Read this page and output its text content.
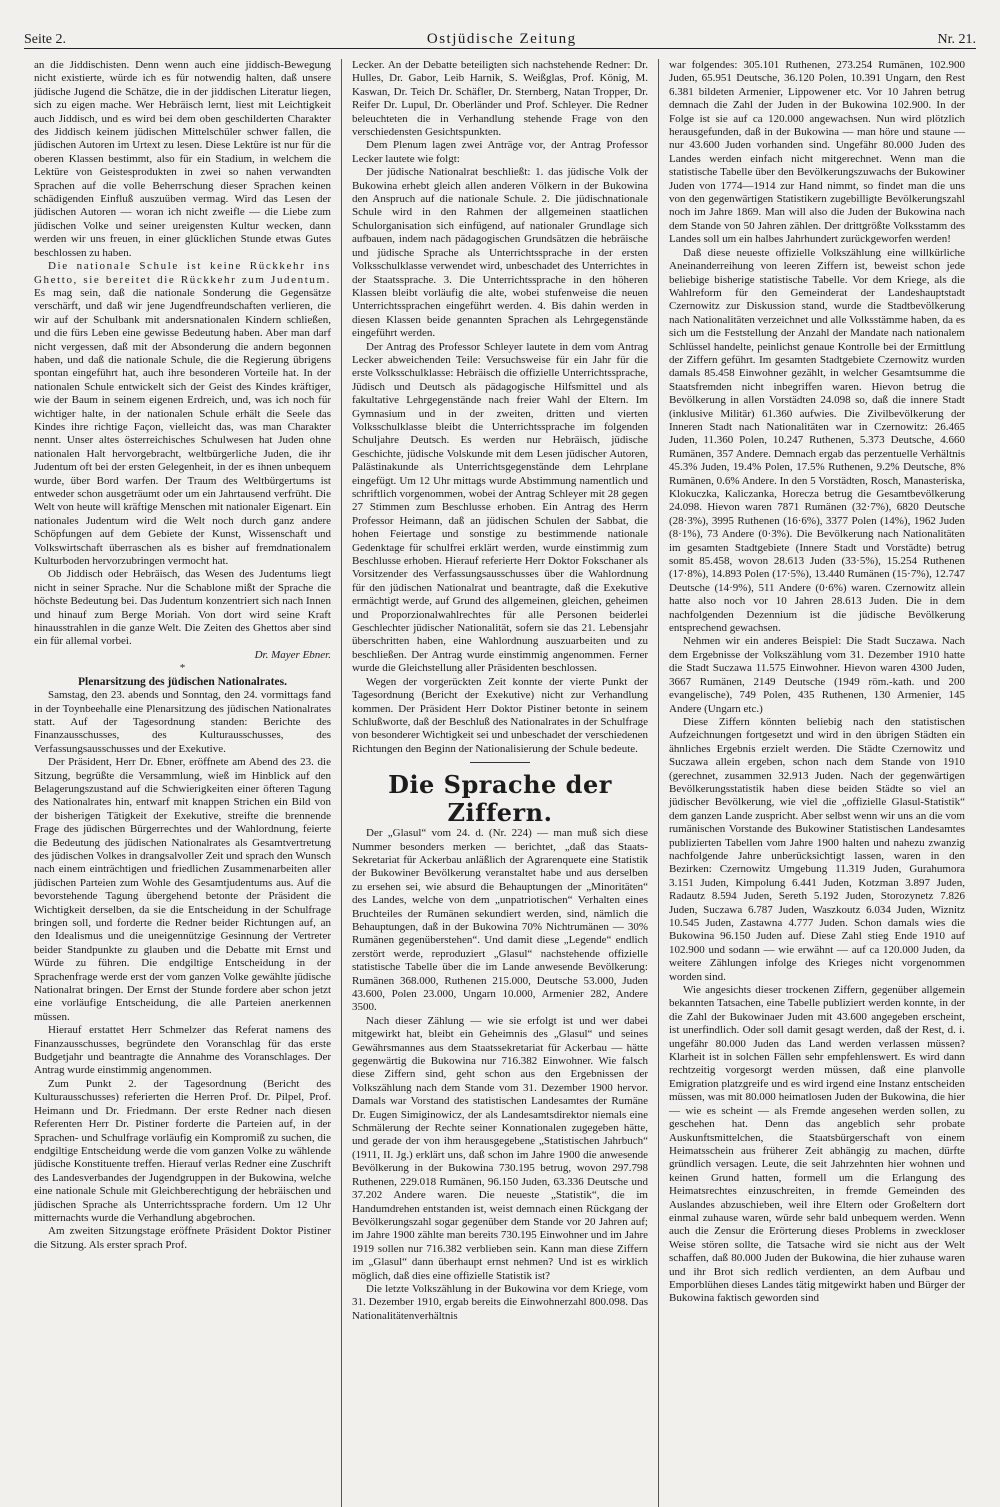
Seite 2.	Ostjüdische Zeitung	Nr. 21.

an die Jiddischisten. Denn wenn auch eine jiddisch-Bewegung nicht existierte, würde ich es für notwendig halten, daß unsere jüdische Jugend die Schätze, die in der jiddischen Literatur liegen, sich zu eigen mache. Wer Hebräisch lernt, liest mit Leichtigkeit auch Jiddisch, und es wird bei dem oben geschilderten Charakter des Jiddisch keinem jüdischen Mittelschüler schwer fallen, die jüdischen Autoren im Urtext zu lesen. Diese Lektüre ist nur für die oberen Klassen bestimmt, also für ein Stadium, in welchem die Lektüre von Geistesprodukten in zwei so nahen verwandten Sprachen auf die volle Beherrschung dieser Sprachen keinen schädigenden Einfluß auszuüben vermag. Wird das Lesen der jüdischen Autoren — woran ich nicht zweifle — die Liebe zum jüdischen Volke und seiner ureigensten Kultur wecken, dann werden wir uns freuen, in einer glücklichen Stunde etwas Gutes beschlossen zu haben.

Die nationale Schule ist keine Rückkehr ins Ghetto, sie bereitet die Rückkehr zum Judentum. Es mag sein, daß die nationale Sonderung die Gegensätze verschärft, und daß wir jene Jugendfreundschaften verlieren, die wir auf der Schulbank mit andersnationalen Kindern schließen, und die fürs Leben eine gewisse Bedeutung haben. Aber man darf nicht vergessen, daß mit der Absonderung die andern begonnen haben, und daß die nationale Schule, die die Regierung übrigens spontan eingeführt hat, auch ihre besonderen Vorteile hat. In der nationalen Schule entwickelt sich der Geist des Kindes kräftiger, wie der Baum in seinem eigenen Erdreich, und, was ich noch für wichtiger halte, in der nationalen Schule erhält die Seele das Kindes ihre richtige Façon, vielleicht das, was man Charakter nennt. Unser altes österreichisches Schulwesen hat Juden ohne nationalen Halt hervorgebracht, weltbürgerliche Juden, die ihr Judentum oft bei der ersten Gelegenheit, in der es ihnen unbequem wurde, über Bord warfen. Der Traum des Weltbürgertums ist entweder schon ausgeträumt oder um ein Jahrtausend verfrüht. Die Welt von heute will kräftige Menschen mit nationaler Eigenart. Ein nationales Judentum wird die Welt noch durch ganz andere Schöpfungen auf dem Gebiete der Kunst, Wissenschaft und Volkswirtschaft überraschen als es bisher auf fremdnationalem Kulturboden hervorzubringen vermocht hat.

Ob Jiddisch oder Hebräisch, das Wesen des Judentums liegt nicht in seiner Sprache. Nur die Schablone mißt der Sprache die höchste Bedeutung bei. Das Judentum konzentriert sich nach Innen und hinauf zum Berge Moriah. Von dort wird seine Kraft hinausstrahlen in die ganze Welt. Die Zeiten des Ghettos aber sind ein für allemal vorbei.

Dr. Mayer Ebner.

*

Plenarsitzung des jüdischen Nationalrates.

Samstag, den 23. abends und Sonntag, den 24. vormittags fand in der Toynbeehalle eine Plenarsitzung des jüdischen Nationalrates statt. Auf der Tagesordnung standen: Berichte des Finanzausschusses, des Kulturausschusses, des Verfassungsausschusses und der Exekutive.

Der Präsident, Herr Dr. Ebner, eröffnete am Abend des 23. die Sitzung, begrüßte die Versammlung, wieß im Hinblick auf den Belagerungszustand auf die Schwierigkeiten einer öfteren Tagung des Nationalrates hin, entwarf mit knappen Strichen ein Bild von der bisherigen Tätigkeit der Exekutive, streifte die brennende Frage des jüdischen Bürgerrechtes und der Wahlordnung, feierte die Bedeutung des jüdischen Nationalrates als Gesamtvertretung des jüdischen Volkes in drangsalvoller Zeit und sprach den Wunsch nach einem einträchtigen und friedlichen Zusammenarbeiten aller jüdischen Parteien zum Wohle des Gesamtjudentums aus. Auf die bevorstehende Tagung übergehend betonte der Präsident die Wichtigkeit derselben, da sie die Entscheidung in der Schulfrage bringen soll, und forderte die Redner beider Richtungen auf, an den Idealismus und die uneigennützige Gesinnung der Vertreter beider Standpunkte zu glauben und die Debatte mit Ernst und Würde zu führen. Die endgiltige Entscheidung in der Sprachenfrage werde erst der vom ganzen Volke gewählte jüdische Nationalrat bringen. Der Ernst der Stunde fordere aber schon jetzt eine vorläufige Entscheidung, die alle Parteien anerkennen müssen.

Hierauf erstattet Herr Schmelzer das Referat namens des Finanzausschusses, begründete den Voranschlag für das erste Budgetjahr und beantragte die Annahme des Voranschlages. Der Antrag wurde einstimmig angenommen.

Zum Punkt 2. der Tagesordnung (Bericht des Kulturausschusses) referierten die Herren Prof. Dr. Pilpel, Prof. Heimann und Dr. Friedmann. Der erste Redner nach diesen Referenten Herr Dr. Pistiner forderte die Parteien auf, in der Sprachen- und Schulfrage vorläufig ein Kompromiß zu suchen, die endgiltige Entscheidung werde die vom ganzen Volke zu wählende jüdische Konstituente treffen. Hierauf verlas Redner eine Zuschrift des Landesverbandes der Jugendgruppen in der Bukowina, welche eine nationale Schule mit Gleichberechtigung der hebräischen und jüdischen Sprache als Unterrichtssprache fordern. Um 12 Uhr mitternachts wurde die Verhandlung abgebrochen.

Am zweiten Sitzungstage eröffnete Präsident Doktor Pistiner die Sitzung. Als erster sprach Prof.

Lecker. An der Debatte beteiligten sich nachstehende Redner: Dr. Hulles, Dr. Gabor, Leib Harnik, S. Weißglas, Prof. König, M. Kaswan, Dr. Teich Dr. Schäfler, Dr. Sternberg, Natan Tropper, Dr. Reifer Dr. Lupul, Dr. Oberländer und Prof. Schleyer. Die Redner beleuchteten die in Verhandlung stehende Frage von den verschiedensten Gesichtspunkten.

Dem Plenum lagen zwei Anträge vor, der Antrag Professor Lecker lautete wie folgt:

Der jüdische Nationalrat beschließt: 1. das jüdische Volk der Bukowina erhebt gleich allen anderen Völkern in der Bukowina den Anspruch auf die nationale Schule. 2. Die jüdischnationale Schule wird in den Rahmen der allgemeinen staatlichen Schulorganisation sich einfügend, auf nationaler Grundlage sich aufbauen, indem nach pädagogischen Grundsätzen die hebräische und jüdische Sprache als Unterrichtssprache in der ersten Volksschulklasse verwendet wird, unbeschadet des Unterrichtes in der Staatssprache. 3. Die Unterrichtssprache in den höheren Klassen bleibt vorläufig die alte, wobei stufenweise die neuen Unterrichtssprachen eingeführt werden. 4. Bis dahin werden in diesen Klassen beide genannten Sprachen als Lehrgegenstände eingeführt werden.

Der Antrag des Professor Schleyer lautete in dem vom Antrag Lecker abweichenden Teile: Versuchsweise für ein Jahr für die erste Volksschulklasse: Hebräisch die offizielle Unterrichtssprache, Jüdisch und Deutsch als pädagogische Hilfsmittel und als fakultative Lehrgegenstände nach freier Wahl der Eltern. Im Gymnasium und in der zweiten, dritten und vierten Volksschulklasse bleibt die Unterrichtssprache im folgenden Schuljahre Deutsch. Es werden nur Hebräisch, jüdische Geschichte, jüdische Volskunde mit dem Lesen jüdischer Autoren, Palästinakunde als Unterrichtsgegenstände dem Lehrplane eingefügt. Um 12 Uhr mittags wurde Abstimmung namentlich und schriftlich vorgenommen, wobei der Antrag Schleyer mit 28 gegen 27 Stimmen zum Beschlusse erhoben. Ein Antrag des Herrn Professor Heimann, daß an jüdischen Schulen der Sabbat, die hohen Feiertage und sonstige zu bestimmende nationale Gedenktage für schulfrei erklärt werden, wurde einstimmig zum Beschlusse erhoben. Hierauf referierte Herr Doktor Fokschaner als Vorsitzender des Verfassungsausschusses über die Wahlordnung für den jüdischen Nationalrat und beantragte, daß die Exekutive ermächtigt werde, auf Grund des allgemeinen, gleichen, geheimen und Proporzionalwahlrechtes für alle Personen beiderlei Geschlechter jüdischer Nationalität, sofern sie das 21. Lebensjahr überschritten haben, eine Wahlordnung auszuarbeiten und zu beschließen. Der Antrag wurde einstimmig angenommen. Ferner wurde die Gleichstellung aller Präsidenten beschlossen.

Wegen der vorgerückten Zeit konnte der vierte Punkt der Tagesordnung (Bericht der Exekutive) nicht zur Verhandlung kommen. Der Präsident Herr Doktor Pistiner betonte in seinem Schlußworte, daß der Beschluß des Nationalrates in der Schulfrage von besonderer Wichtigkeit sei und unbeschadet der verschiedenen Richtungen den Beginn der Nationalisierung der Schule bedeute.

Die Sprache der Ziffern.

Der „Glasul“ vom 24. d. (Nr. 224) — man muß sich diese Nummer besonders merken — berichtet, „daß das Staats-Sekretariat für Ackerbau anläßlich der Agrarenquete eine Statistik der Bukowiner Bevölkerung veranstaltet habe und aus derselben zu ersehen sei, wie absurd die Behauptungen der „Minoritäten“ des Landes, welche von dem „unpatriotischen“ Verhalten eines Bruchteiles der Rumänen sekundiert werden, sind, nämlich die Behauptungen, daß in der Bukowina 70% Nichtrumänen — 30% Rumänen gegenüberstehen“. Und damit diese „Legende“ endlich zerstört werde, reproduziert „Glasul“ nachstehende offizielle statistische Tabelle über die im Lande anwesende Bevölkerung: Rumänen 368.000, Ruthenen 215.000, Deutsche 53.000, Juden 43.600, Polen 23.000, Ungarn 10.000, Armenier 282, Andere 3500.

Nach dieser Zählung — wie sie erfolgt ist und wer dabei mitgewirkt hat, bleibt ein Geheimnis des „Glasul“ und seines Gewährsmannes aus dem Staatssekretariat für Ackerbau — hätte gegenwärtig die Bukowina nur 716.382 Einwohner. Wie falsch diese Ziffern sind, geht schon aus den Ergebnissen der Volkszählung nach dem Stande vom 31. Dezember 1900 hervor. Damals war Vorstand des statistischen Landesamtes der Rumäne Dr. Eugen Simiginowicz, der als Landesamtsdirektor niemals eine Schmälerung der Rechte seiner Konnationalen zugegeben hätte, und gerade der von ihm herausgegebene „Statistischen Jahrbuch“ (1911, II. Jg.) erklärt uns, daß schon im Jahre 1900 die anwesende Bevölkerung in der Bukowina 730.195 betrug, wovon 297.798 Ruthenen, 229.018 Rumänen, 96.150 Juden, 63.336 Deutsche und 37.202 Andere waren. Die neueste „Statistik“, die im Handumdrehen entstanden ist, weist demnach einen Rückgang der Bevölkerungszahl sogar gegenüber dem Stande vor 20 Jahren auf; im Jahre 1900 zählte man bereits 730.195 Einwohner und im Jahre 1919 sollen nur 716.382 verblieben sein. Kann man diese Ziffern im „Glasul“ dann überhaupt ernst nehmen? Und ist es wirklich möglich, daß dies eine offizielle Statistik ist?

Die letzte Volkszählung in der Bukowina vor dem Kriege, vom 31. Dezember 1910, ergab bereits die Einwohnerzahl 800.098. Das Nationalitätenverhältnis

war folgendes: 305.101 Ruthenen, 273.254 Rumänen, 102.900 Juden, 65.951 Deutsche, 36.120 Polen, 10.391 Ungarn, den Rest 6.381 bildeten Armenier, Lippowener etc. Vor 10 Jahren betrug demnach die Zahl der Juden in der Bukowina 102.900. In der Folge ist sie auf ca 120.000 angewachsen. Nun wird plötzlich herausgefunden, daß in der Bukowina — man höre und staune — nur 43.600 Juden vorhanden sind. Ungefähr 80.000 Juden des Landes werden einfach nicht mitgerechnet. Wenn man die statistische Tabelle über den Bevölkerungszuwachs der Bukowiner Juden von 1774—1914 zur Hand nimmt, so findet man die uns von den gegenwärtigen Statistikern zugebilligte Bevölkerungszahl noch im Jahre 1869. Man will also die Juden der Bukowina nach dem Stande von 50 Jahren zählen. Der drittgrößte Volksstamm des Landes soll um ein halbes Jahrhundert zurückgeworfen werden!

Daß diese neueste offizielle Volkszählung eine willkürliche Aneinanderreihung von leeren Ziffern ist, beweist schon jede beliebige bisherige statistische Tabelle. Vor dem Kriege, als die Wahlreform für den Gemeinderat der Landeshauptstadt Czernowitz zur Diskussion stand, wurde die Stadtbevölkerung nach Nationalitäten verzeichnet und alle Volksstämme haben, da es sich um die Feststellung der Anzahl der Mandate nach nationalem Schlüssel handelte, peinlichst genaue Kontrolle bei der Ermittlung der Ziffern geführt. Im gesamten Stadtgebiete Czernowitz wurden damals 85.458 Einwohner gezählt, in welcher Gesamtsumme die Staatsfremden nicht inbegriffen waren. Hievon betrug die Bevölkerung in allen Vorstädten 24.098 so, daß die innere Stadt (inklusive Militär) 61.360 aufwies. Die Zivilbevölkerung der Inneren Stadt nach Nationalitäten war in Czernowitz: 26.465 Juden, 11.360 Polen, 10.247 Ruthenen, 5.373 Deutsche, 4.660 Rumänen, 357 Andere. Demnach ergab das perzentuelle Verhältnis 45.3% Juden, 19.4% Polen, 17.5% Ruthenen, 9.2% Deutsche, 8% Rumänen, 0.6% Andere. In den 5 Vorstädten, Rosch, Manasteriska, Klokuczka, Kaliczanka, Horecza betrug die Gesamtbevölkerung 24.098. Hievon waren 7871 Rumänen (32·7%), 6820 Deutsche (28·3%), 3995 Ruthenen (16·6%), 3377 Polen (14%), 1962 Juden (8·1%), 73 Andere (0·3%). Die Bevölkerung nach Nationalitäten im gesamten Stadtgebiete (Innere Stadt und Vorstädte) betrug somit 85.458, wovon 28.613 Juden (33·5%), 15.254 Ruthenen (17·8%), 14.893 Polen (17·5%), 13.440 Rumänen (15·7%), 12.747 Deutsche (14·9%), 511 Andere (0·6%) waren. Czernowitz allein hatte also noch vor 10 Jahren 28.613 Juden. Die in dem nachfolgenden Dezennium ist die jüdische Bevölkerung entsprechend gewachsen.

Nehmen wir ein anderes Beispiel: Die Stadt Suczawa. Nach dem Ergebnisse der Volkszählung vom 31. Dezember 1910 hatte die Stadt Suczawa 11.575 Einwohner. Hievon waren 4300 Juden, 3667 Rumänen, 2149 Deutsche (1949 röm.-kath. und 200 evangelische), 749 Polen, 435 Ruthenen, 130 Armenier, 145 Andere (Ungarn etc.)

Diese Ziffern könnten beliebig nach den statistischen Aufzeichnungen fortgesetzt und wird in den übrigen Städten ein ähnliches Ergebnis erzielt werden. Die Städte Czernowitz und Suczawa allein ergeben, schon nach dem Stande von 1910 (gerechnet, zusammen 32.913 Juden. Nach der gegenwärtigen Bevölkerungsstatistik haben diese beiden Städte so viel an jüdischer Bevölkerung, wie viel die „offizielle Glasul-Statistik“ dem ganzen Lande zuspricht. Aber selbst wenn wir uns an die vom rumänischen Vorstande des Bukowiner Statistischen Landesamtes publizierten Tabellen vom Jahre 1900 halten und nahezu zwanzig nachfolgende Jahre unberücksichtigt lassen, waren in den Bezirken: Czernowitz Umgebung 11.319 Juden, Gurahumora 3.151 Juden, Kimpolung 6.441 Juden, Kotzman 3.897 Juden, Radautz 8.594 Juden, Sereth 5.192 Juden, Storozynetz 7.826 Juden, Suczawa 6.787 Juden, Waszkoutz 6.034 Juden, Wiznitz 10.545 Juden, Zastawna 4.777 Juden. Schon damals wies die Bukowina 96.150 Juden auf. Diese Zahl stieg Ende 1910 auf 102.900 und sodann — wie erwähnt — auf ca 120.000 Juden, da weitere Zählungen infolge des Krieges nicht vorgenommen worden sind.

Wie angesichts dieser trockenen Ziffern, gegenüber allgemein bekannten Tatsachen, eine Tabelle publiziert werden konnte, in der die Zahl der Bukowinaer Juden mit 43.600 angegeben erscheint, ist unerfindlich. Oder soll damit gesagt werden, daß der Rest, d. i. ungefähr 80.000 Juden das Land werden verlassen müssen? Klarheit ist in solchen Fällen sehr empfehlenswert. Es wird dann rechtzeitig vorgesorgt werden müssen, daß eine planvolle Emigration platzgreife und es wird irgend eine Instanz entscheiden müssen, was mit 80.000 heimatlosen Juden der Bukowina, die hier — wie es scheint — als Fremde angesehen werden sollen, zu geschehen hat. Denn das angeblich sehr probate Auskunftsmittelchen, die Staatsbürgerschaft von einem Heimatsschein aus früherer Zeit abhängig zu machen, dürfte gründlich versagen. Leute, die seit Jahrzehnten hier wohnen und keinen Grund hatten, formell um die Erlangung des Heimatsrechtes einzuschreiten, in fremde Gemeinden des Auslandes abzuschieben, weil ihre Eltern oder Großeltern dort einmal zuhause waren, würde sehr bald unbequem werden. Wenn auch die Zensur die Erörterung dieses Problems in zweckloser Weise stören sollte, die Tatsache wird sie nicht aus der Welt schaffen, daß 80.000 Juden der Bukowina, die hier zuhause waren und ihr Brot sich redlich verdienten, an dem Aufbau und Emporblühen dieses Landes tätig mitgewirkt haben und Bürger der Bukowina faktisch geworden sind
